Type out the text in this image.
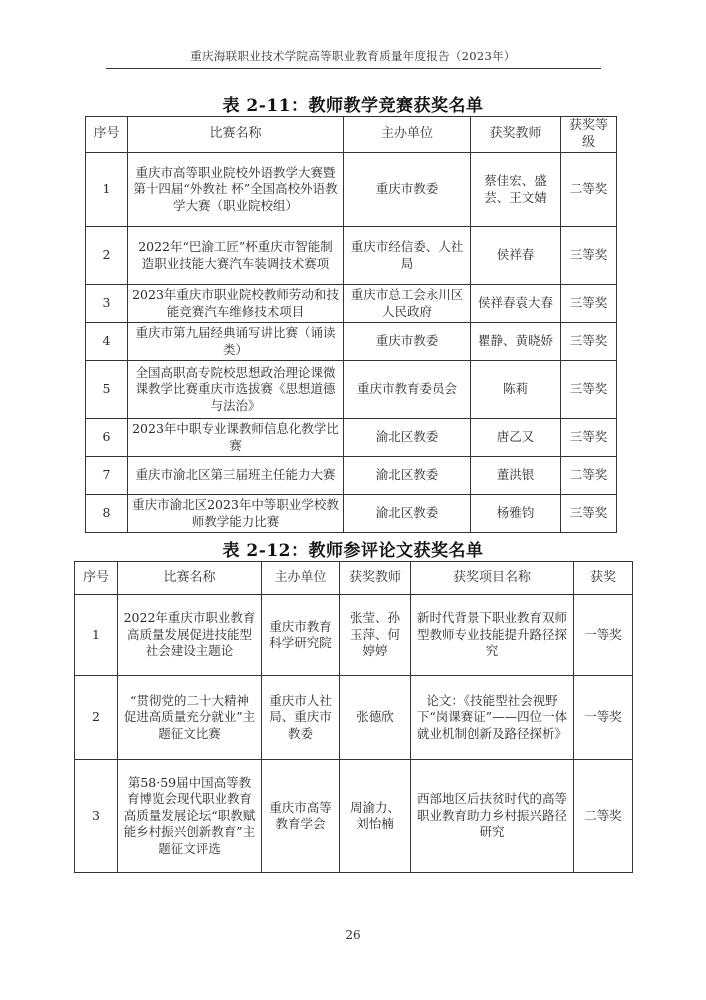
重庆海联职业技术学院高等职业教育质量年度报告（2023年）
表 2-11：教师教学竞赛获奖名单
序号	比赛名称	主办单位	获奖教师	获奖等级
1	重庆市高等职业院校外语教学大赛暨第十四届“外教社 杯”全国高校外语教学大赛（职业院校组）	重庆市教委	蔡佳宏、盛芸、王文婧	二等奖
2	2022年“巴渝工匠”杯重庆市智能制造职业技能大赛汽车装调技术赛项	重庆市经信委、人社局	侯祥春	三等奖
3	2023年重庆市职业院校教师劳动和技能竞赛汽车维修技术项目	重庆市总工会永川区人民政府	侯祥春袁大春	三等奖
4	重庆市第九届经典诵写讲比赛（诵读类）	重庆市教委	瞿静、黄晓娇	三等奖
5	全国高职高专院校思想政治理论课微课教学比赛重庆市选拔赛《思想道德与法治》	重庆市教育委员会	陈莉	三等奖
6	2023年中职专业课教师信息化教学比赛	渝北区教委	唐乙又	三等奖
7	重庆市渝北区第三届班主任能力大赛	渝北区教委	董洪银	二等奖
8	重庆市渝北区2023年中等职业学校教师教学能力比赛	渝北区教委	杨雅钧	三等奖
表 2-12：教师参评论文获奖名单
序号	比赛名称	主办单位	获奖教师	获奖项目名称	获奖
1	2022年重庆市职业教育高质量发展促进技能型社会建设主题论	重庆市教育科学研究院	张莹、孙玉萍、何婷婷	新时代背景下职业教育双师型教师专业技能提升路径探究	一等奖
2	“贯彻党的二十大精神 促进高质量充分就业”主题征文比赛	重庆市人社局、重庆市教委	张德欣	论文：《技能型社会视野下“岗课赛证”——四位一体就业机制创新及路径探析》	一等奖
3	第58·59届中国高等教育博览会现代职业教育高质量发展论坛“职教赋能乡村振兴创新教育”主题征文评选	重庆市高等教育学会	周渝力、刘怡楠	西部地区后扶贫时代的高等职业教育助力乡村振兴路径研究	二等奖
26
